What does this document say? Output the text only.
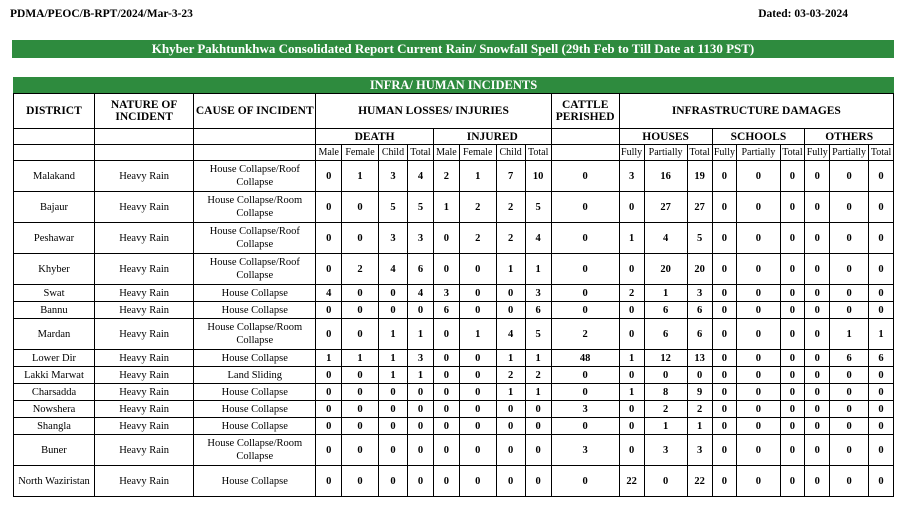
PDMA/PEOC/B-RPT/2024/Mar-3-23	Dated: 03-03-2024
Khyber Pakhtunkhwa Consolidated Report Current Rain/ Snowfall Spell (29th Feb to Till Date at 1130 PST)
INFRA/ HUMAN INCIDENTS
DISTRICT	NATURE OF INCIDENT	CAUSE OF INCIDENT	HUMAN LOSSES/ INJURIES								CATTLE PERISHED	INFRASTRUCTURE DAMAGES								
			DEATH				INJURED					HOUSES			SCHOOLS			OTHERS		
			Male	Female	Child	Total	Male	Female	Child	Total		Fully	Partially	Total	Fully	Partially	Total	Fully	Partially	Total
Malakand	Heavy Rain	House Collapse/Roof Collapse	0	1	3	4	2	1	7	10	0	3	16	19	0	0	0	0	0	0
Bajaur	Heavy Rain	House Collapse/Room Collapse	0	0	5	5	1	2	2	5	0	0	27	27	0	0	0	0	0	0
Peshawar	Heavy Rain	House Collapse/Roof Collapse	0	0	3	3	0	2	2	4	0	1	4	5	0	0	0	0	0	0
Khyber	Heavy Rain	House Collapse/Roof Collapse	0	2	4	6	0	0	1	1	0	0	20	20	0	0	0	0	0	0
Swat	Heavy Rain	House Collapse	4	0	0	4	3	0	0	3	0	2	1	3	0	0	0	0	0	0
Bannu	Heavy Rain	House Collapse	0	0	0	0	6	0	0	6	0	0	6	6	0	0	0	0	0	0
Mardan	Heavy Rain	House Collapse/Room Collapse	0	0	1	1	0	1	4	5	2	0	6	6	0	0	0	0	1	1
Lower Dir	Heavy Rain	House Collapse	1	1	1	3	0	0	1	1	48	1	12	13	0	0	0	0	6	6
Lakki Marwat	Heavy Rain	Land Sliding	0	0	1	1	0	0	2	2	0	0	0	0	0	0	0	0	0	0
Charsadda	Heavy Rain	House Collapse	0	0	0	0	0	0	1	1	0	1	8	9	0	0	0	0	0	0
Nowshera	Heavy Rain	House Collapse	0	0	0	0	0	0	0	0	3	0	2	2	0	0	0	0	0	0
Shangla	Heavy Rain	House Collapse	0	0	0	0	0	0	0	0	0	0	1	1	0	0	0	0	0	0
Buner	Heavy Rain	House Collapse/Room Collapse	0	0	0	0	0	0	0	0	3	0	3	3	0	0	0	0	0	0
North Waziristan	Heavy Rain	House Collapse	0	0	0	0	0	0	0	0	0	22	0	22	0	0	0	0	0	0
